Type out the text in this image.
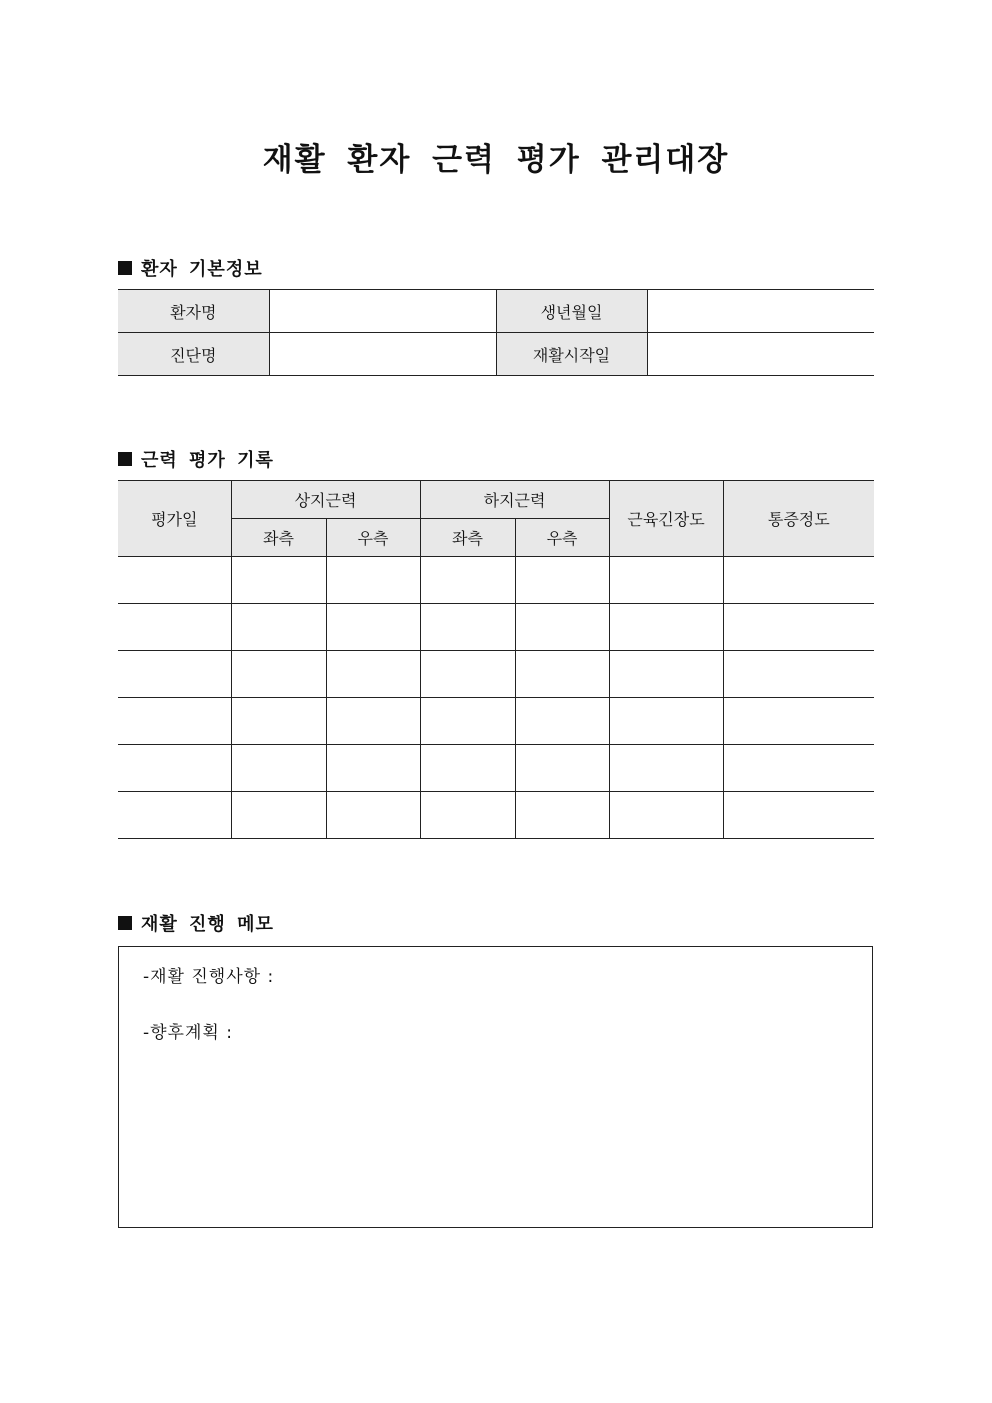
재활 환자 근력 평가 관리대장
환자 기본정보
환자명		생년월일	
진단명		재활시작일	
근력 평가 기록
평가일	상지근력		하지근력		근육긴장도	통증정도
	좌측	우측	좌측	우측		

재활 진행 메모
-재활 진행사항 :
-향후계획 :
